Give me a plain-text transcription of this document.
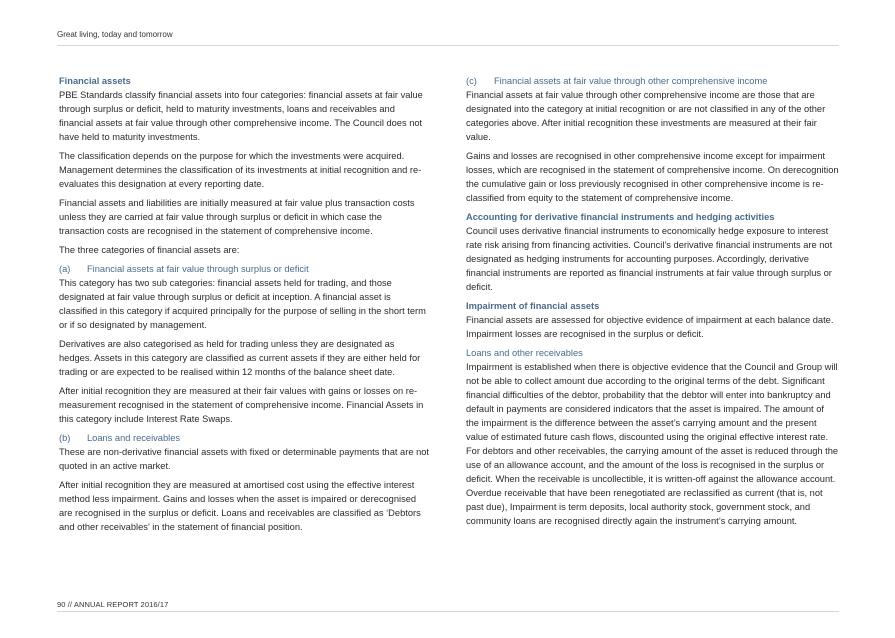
Great living, today and tomorrow
Financial assets

PBE Standards classify financial assets into four categories: financial assets at fair value through surplus or deficit, held to maturity investments, loans and receivables and financial assets at fair value through other comprehensive income. The Council does not have held to maturity investments.

The classification depends on the purpose for which the investments were acquired. Management determines the classification of its investments at initial recognition and re-evaluates this designation at every reporting date.

Financial assets and liabilities are initially measured at fair value plus transaction costs unless they are carried at fair value through surplus or deficit in which case the transaction costs are recognised in the statement of comprehensive income.

The three categories of financial assets are:

(a) Financial assets at fair value through surplus or deficit

This category has two sub categories: financial assets held for trading, and those designated at fair value through surplus or deficit at inception. A financial asset is classified in this category if acquired principally for the purpose of selling in the short term or if so designated by management.

Derivatives are also categorised as held for trading unless they are designated as hedges. Assets in this category are classified as current assets if they are either held for trading or are expected to be realised within 12 months of the balance sheet date.

After initial recognition they are measured at their fair values with gains or losses on re-measurement recognised in the statement of comprehensive income. Financial Assets in this category include Interest Rate Swaps.

(b) Loans and receivables

These are non-derivative financial assets with fixed or determinable payments that are not quoted in an active market.

After initial recognition they are measured at amortised cost using the effective interest method less impairment. Gains and losses when the asset is impaired or derecognised are recognised in the surplus or deficit. Loans and receivables are classified as ‘Debtors and other receivables’ in the statement of financial position.

(c) Financial assets at fair value through other comprehensive income

Financial assets at fair value through other comprehensive income are those that are designated into the category at initial recognition or are not classified in any of the other categories above. After initial recognition these investments are measured at their fair value.

Gains and losses are recognised in other comprehensive income except for impairment losses, which are recognised in the statement of comprehensive income. On derecognition the cumulative gain or loss previously recognised in other comprehensive income is re-classified from equity to the statement of comprehensive income.

Accounting for derivative financial instruments and hedging activities

Council uses derivative financial instruments to economically hedge exposure to interest rate risk arising from financing activities. Council’s derivative financial instruments are not designated as hedging instruments for accounting purposes. Accordingly, derivative financial instruments are reported as financial instruments at fair value through surplus or deficit.

Impairment of financial assets

Financial assets are assessed for objective evidence of impairment at each balance date. Impairment losses are recognised in the surplus or deficit.

Loans and other receivables

Impairment is established when there is objective evidence that the Council and Group will not be able to collect amount due according to the original terms of the debt. Significant financial difficulties of the debtor, probability that the debtor will enter into bankruptcy and default in payments are considered indicators that the asset is impaired. The amount of the impairment is the difference between the asset’s carrying amount and the present value of estimated future cash flows, discounted using the original effective interest rate. For debtors and other receivables, the carrying amount of the asset is reduced through the use of an allowance account, and the amount of the loss is recognised in the surplus or deficit. When the receivable is uncollectible, it is written-off against the allowance account. Overdue receivable that have been renegotiated are reclassified as current (that is, not past due), Impairment is term deposits, local authority stock, government stock, and community loans are recognised directly again the instrument’s carrying amount.

90 // ANNUAL REPORT 2016/17
